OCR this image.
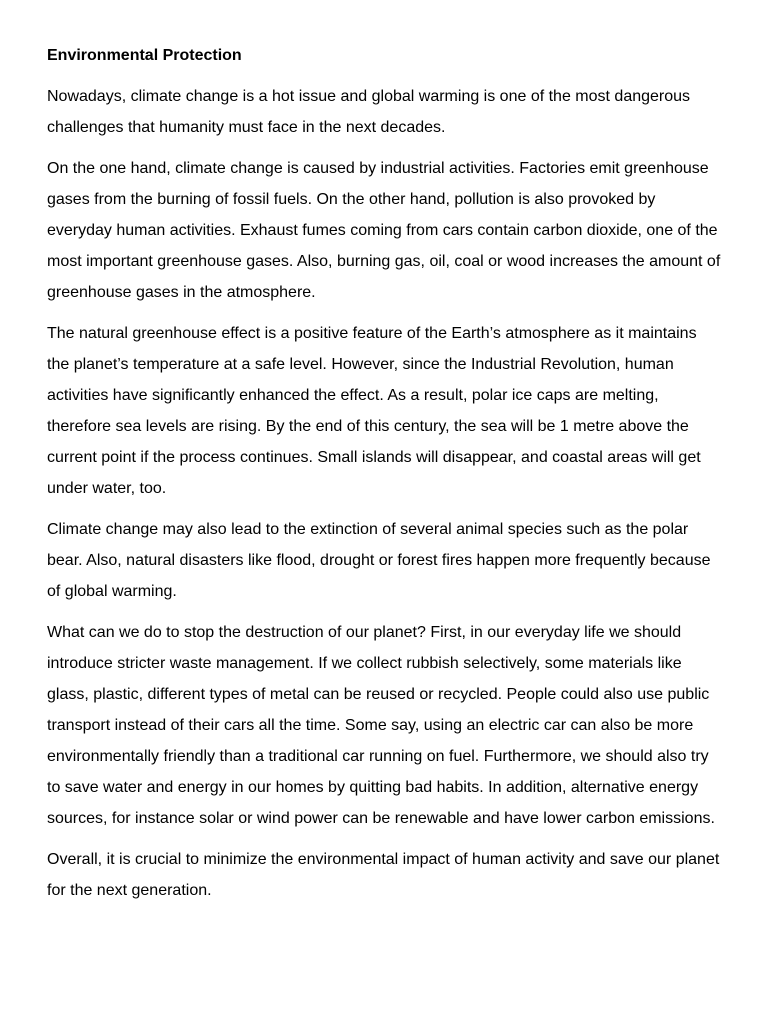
Environmental Protection

Nowadays, climate change is a hot issue and global warming is one of the most dangerous challenges that humanity must face in the next decades.

On the one hand, climate change is caused by industrial activities. Factories emit greenhouse gases from the burning of fossil fuels. On the other hand, pollution is also provoked by everyday human activities. Exhaust fumes coming from cars contain carbon dioxide, one of the most important greenhouse gases. Also, burning gas, oil, coal or wood increases the amount of greenhouse gases in the atmosphere.

The natural greenhouse effect is a positive feature of the Earth’s atmosphere as it maintains the planet’s temperature at a safe level. However, since the Industrial Revolution, human activities have significantly enhanced the effect. As a result, polar ice caps are melting, therefore sea levels are rising. By the end of this century, the sea will be 1 metre above the current point if the process continues. Small islands will disappear, and coastal areas will get under water, too.

Climate change may also lead to the extinction of several animal species such as the polar bear. Also, natural disasters like flood, drought or forest fires happen more frequently because of global warming.

What can we do to stop the destruction of our planet? First, in our everyday life we should introduce stricter waste management. If we collect rubbish selectively, some materials like glass, plastic, different types of metal can be reused or recycled. People could also use public transport instead of their cars all the time. Some say, using an electric car can also be more environmentally friendly than a traditional car running on fuel. Furthermore, we should also try to save water and energy in our homes by quitting bad habits. In addition, alternative energy sources, for instance solar or wind power can be renewable and have lower carbon emissions.

Overall, it is crucial to minimize the environmental impact of human activity and save our planet for the next generation.
